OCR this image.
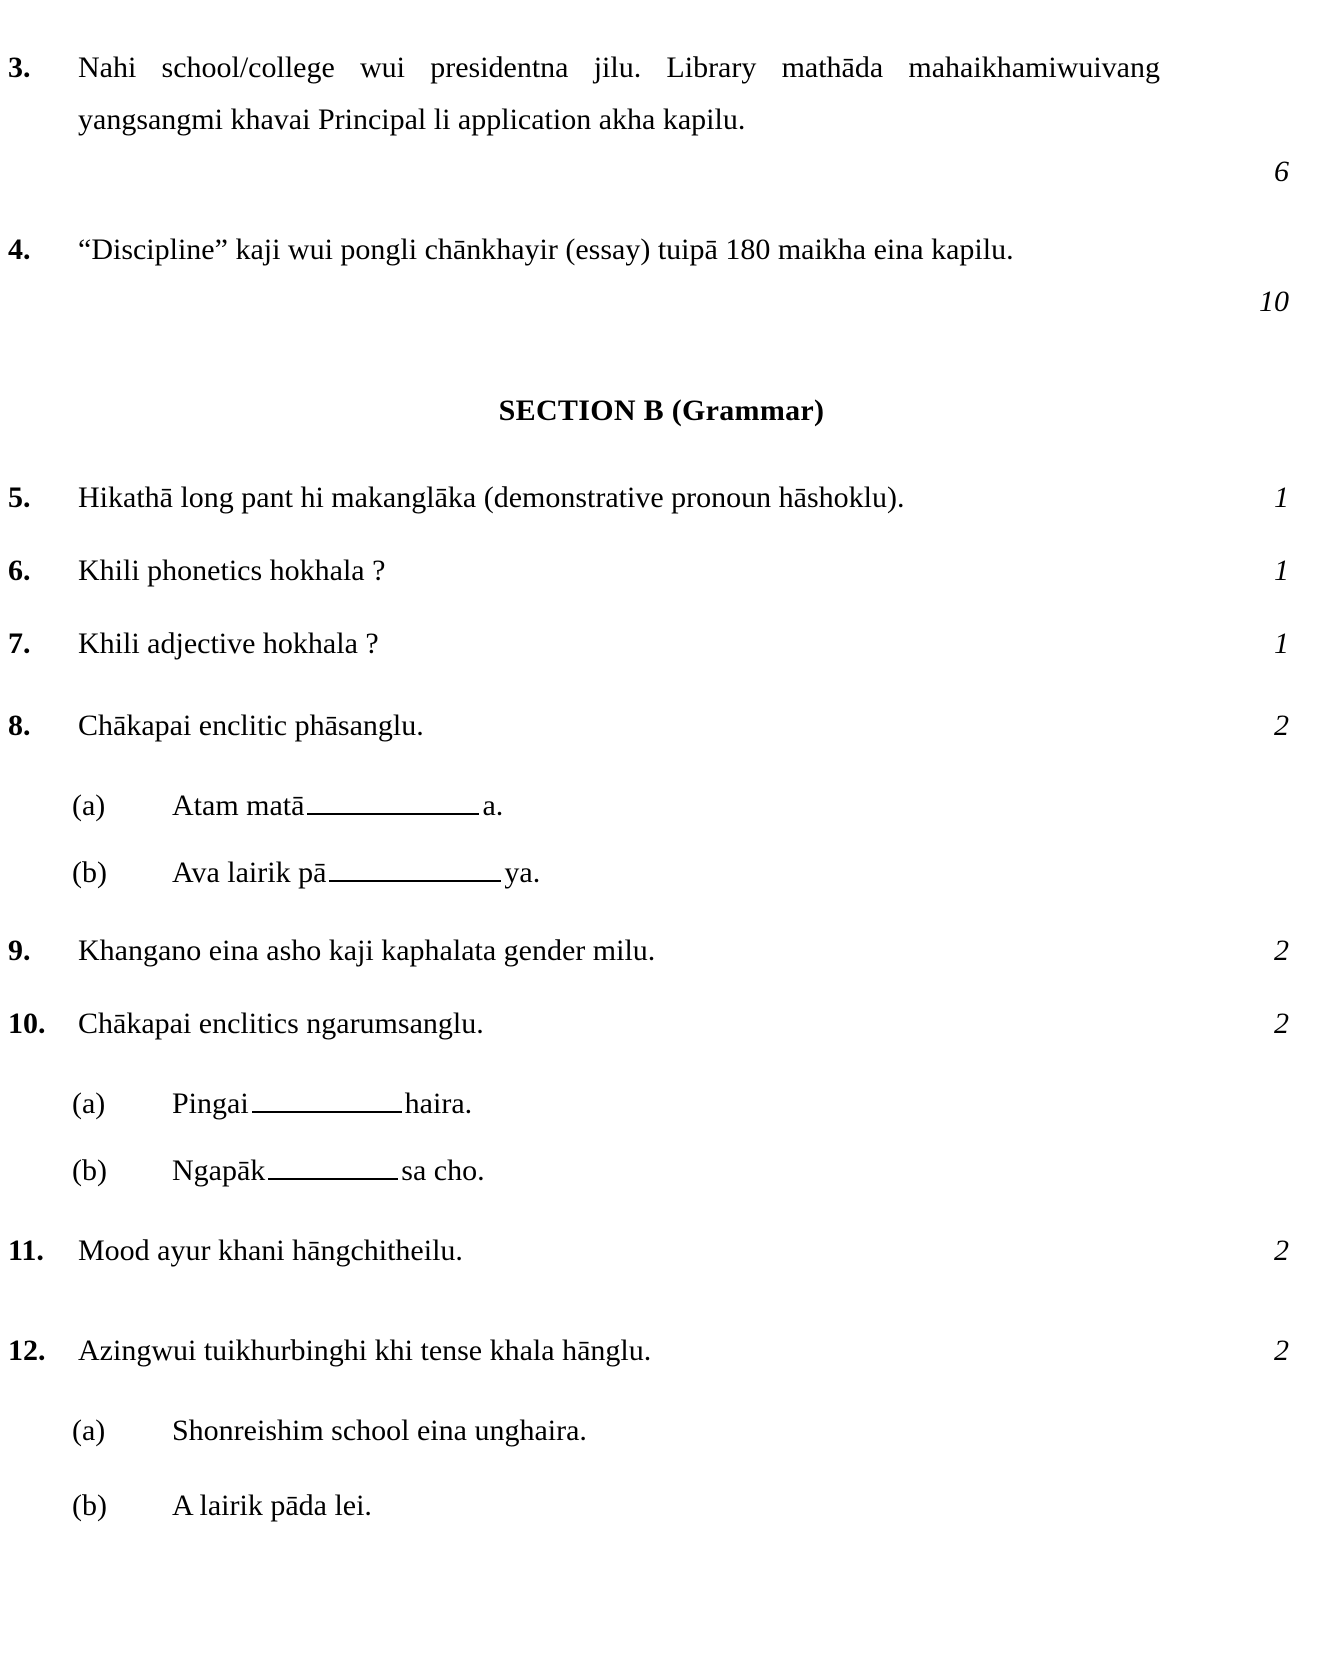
3.	Nahi school/college wui presidentna jilu. Library mathāda mahaikhamiwuivang yangsangmi khavai Principal li application akha kapilu.
6
4.	“Discipline” kaji wui pongli chānkhayir (essay) tuipā 180 maikha eina kapilu.
10
SECTION B (Grammar)
5.	Hikathā long pant hi makanglāka (demonstrative pronoun hāshoklu).	1
6.	Khili phonetics hokhala ?	1
7.	Khili adjective hokhala ?	1
8.	Chākapai enclitic phāsanglu.	2
(a)	Atam matā	a.
(b)	Ava lairik pā	ya.
9.	Khangano eina asho kaji kaphalata gender milu.	2
10.	Chākapai enclitics ngarumsanglu.	2
(a)	Pingai	haira.
(b)	Ngapāk	sa cho.
11.	Mood ayur khani hāngchitheilu.	2
12.	Azingwui tuikhurbinghi khi tense khala hānglu.	2
(a)	Shonreishim school eina unghaira.
(b)	A lairik pāda lei.
